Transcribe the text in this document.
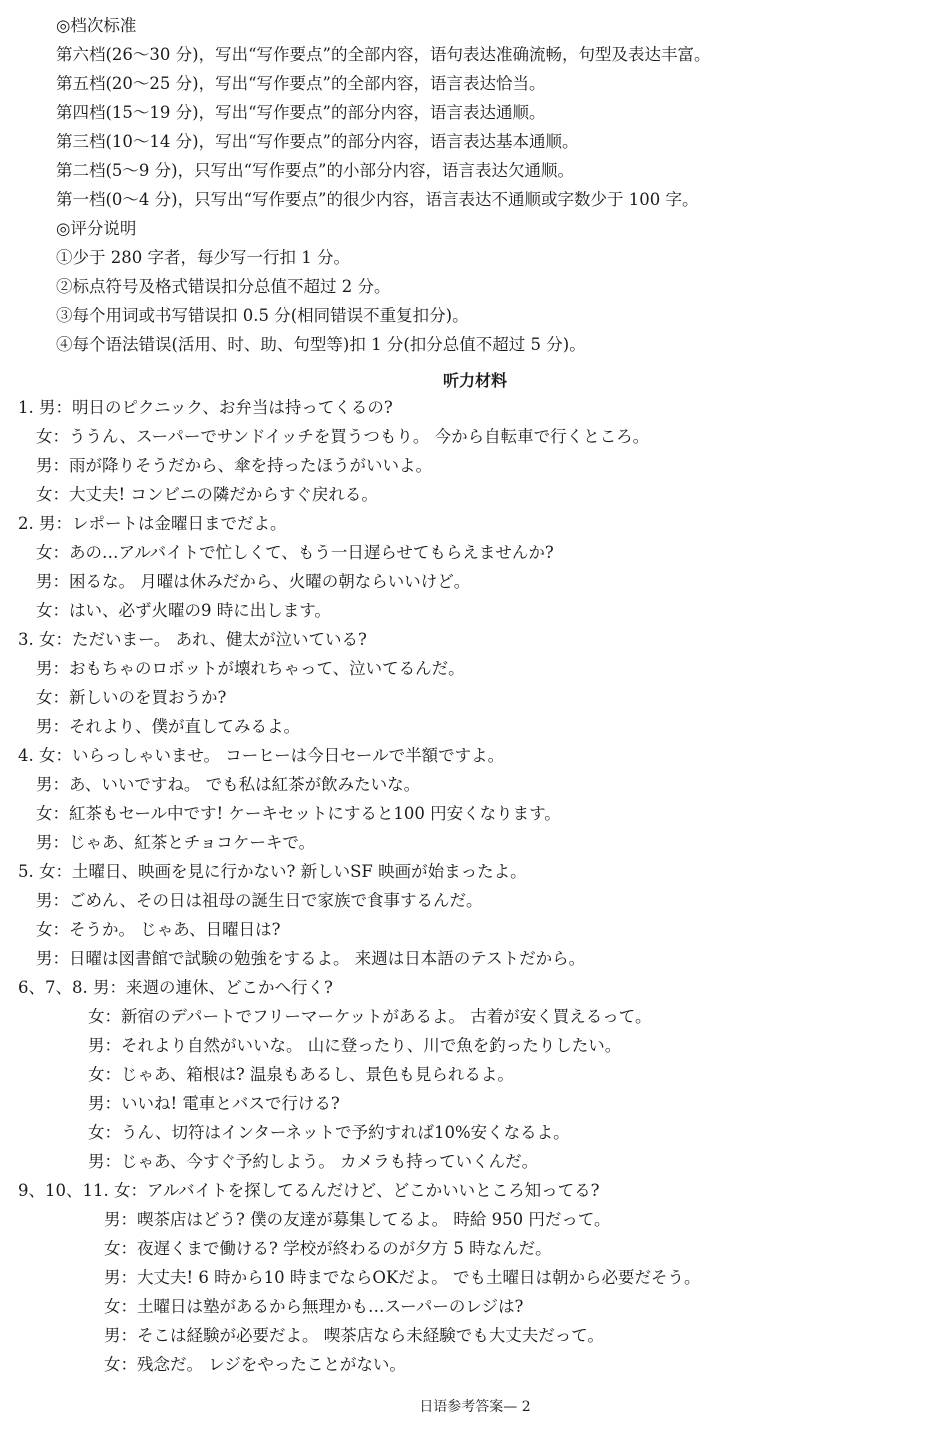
◎档次标准
第六档(26～30 分)，写出“写作要点”的全部内容，语句表达准确流畅，句型及表达丰富。
第五档(20～25 分)，写出“写作要点”的全部内容，语言表达恰当。
第四档(15～19 分)，写出“写作要点”的部分内容，语言表达通顺。
第三档(10～14 分)，写出“写作要点”的部分内容，语言表达基本通顺。
第二档(5～9 分)，只写出“写作要点”的小部分内容，语言表达欠通顺。
第一档(0～4 分)，只写出“写作要点”的很少内容，语言表达不通顺或字数少于 100 字。
◎评分说明
①少于 280 字者，每少写一行扣 1 分。
②标点符号及格式错误扣分总值不超过 2 分。
③每个用词或书写错误扣 0.5 分(相同错误不重复扣分)。
④每个语法错误(活用、时、助、句型等)扣 1 分(扣分总值不超过 5 分)。
听力材料
1. 男：明日のピクニック、お弁当は持ってくるの?
女：ううん、スーパーでサンドイッチを買うつもり。 今から自転車で行くところ。
男：雨が降りそうだから、傘を持ったほうがいいよ。
女：大丈夫! コンビニの隣だからすぐ戻れる。
2. 男：レポートは金曜日までだよ。
女：あの…アルバイトで忙しくて、もう一日遅らせてもらえませんか?
男：困るな。 月曜は休みだから、火曜の朝ならいいけど。
女：はい、必ず火曜の9 時に出します。
3. 女：ただいまー。 あれ、健太が泣いている?
男：おもちゃのロボットが壊れちゃって、泣いてるんだ。
女：新しいのを買おうか?
男：それより、僕が直してみるよ。
4. 女：いらっしゃいませ。 コーヒーは今日セールで半額ですよ。
男：あ、いいですね。 でも私は紅茶が飲みたいな。
女：紅茶もセール中です! ケーキセットにすると100 円安くなります。
男：じゃあ、紅茶とチョコケーキで。
5. 女：土曜日、映画を見に行かない? 新しいSF 映画が始まったよ。
男：ごめん、その日は祖母の誕生日で家族で食事するんだ。
女：そうか。 じゃあ、日曜日は?
男：日曜は図書館で試験の勉強をするよ。 来週は日本語のテストだから。
6、7、8. 男：来週の連休、どこかへ行く?
女：新宿のデパートでフリーマーケットがあるよ。 古着が安く買えるって。
男：それより自然がいいな。 山に登ったり、川で魚を釣ったりしたい。
女：じゃあ、箱根は? 温泉もあるし、景色も見られるよ。
男：いいね! 電車とバスで行ける?
女：うん、切符はインターネットで予約すれば10%安くなるよ。
男：じゃあ、今すぐ予約しよう。 カメラも持っていくんだ。
9、10、11. 女：アルバイトを探してるんだけど、どこかいいところ知ってる?
男：喫茶店はどう? 僕の友達が募集してるよ。 時給 950 円だって。
女：夜遅くまで働ける? 学校が終わるのが夕方 5 時なんだ。
男：大丈夫! 6 時から10 時までならOKだよ。 でも土曜日は朝から必要だそう。
女：土曜日は塾があるから無理かも…スーパーのレジは?
男：そこは経験が必要だよ。 喫茶店なら未経験でも大丈夫だって。
女：残念だ。 レジをやったことがない。
日语参考答案— 2
